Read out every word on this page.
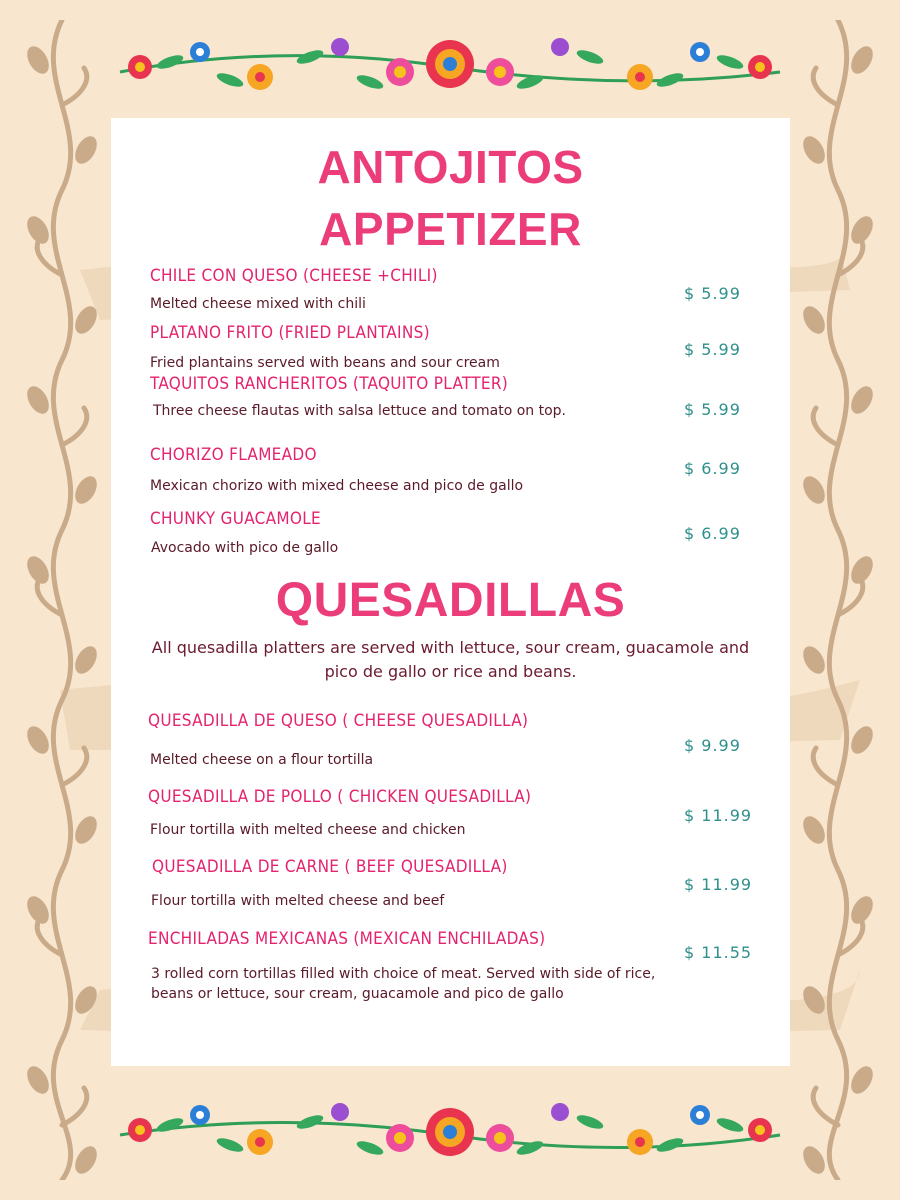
ANTOJITOS
APPETIZER

CHILE CON QUESO (CHEESE +CHILI)

Melted cheese mixed with chili

$ 5.99

PLATANO FRITO (FRIED PLANTAINS)

Fried plantains served with beans and sour cream

$ 5.99

TAQUITOS RANCHERITOS (TAQUITO PLATTER)

Three cheese flautas with salsa lettuce and tomato on top.	$ 5.99

CHORIZO FLAMEADO

Mexican chorizo with mixed cheese and pico de gallo

$ 6.99

CHUNKY GUACAMOLE

Avocado with pico de gallo

$ 6.99

QUESADILLAS

All quesadilla platters are served with lettuce, sour cream, guacamole and pico de gallo or rice and beans.

QUESADILLA DE QUESO ( CHEESE QUESADILLA)

Melted cheese on a flour tortilla

$ 9.99

QUESADILLA DE POLLO ( CHICKEN QUESADILLA)

Flour tortilla with melted cheese and chicken

$ 11.99

QUESADILLA DE CARNE ( BEEF QUESADILLA)

Flour tortilla with melted cheese and beef

$ 11.99

ENCHILADAS MEXICANAS (MEXICAN ENCHILADAS)

3 rolled corn tortillas filled with choice of meat. Served with side of rice, beans or lettuce, sour cream, guacamole and pico de gallo

$ 11.55
